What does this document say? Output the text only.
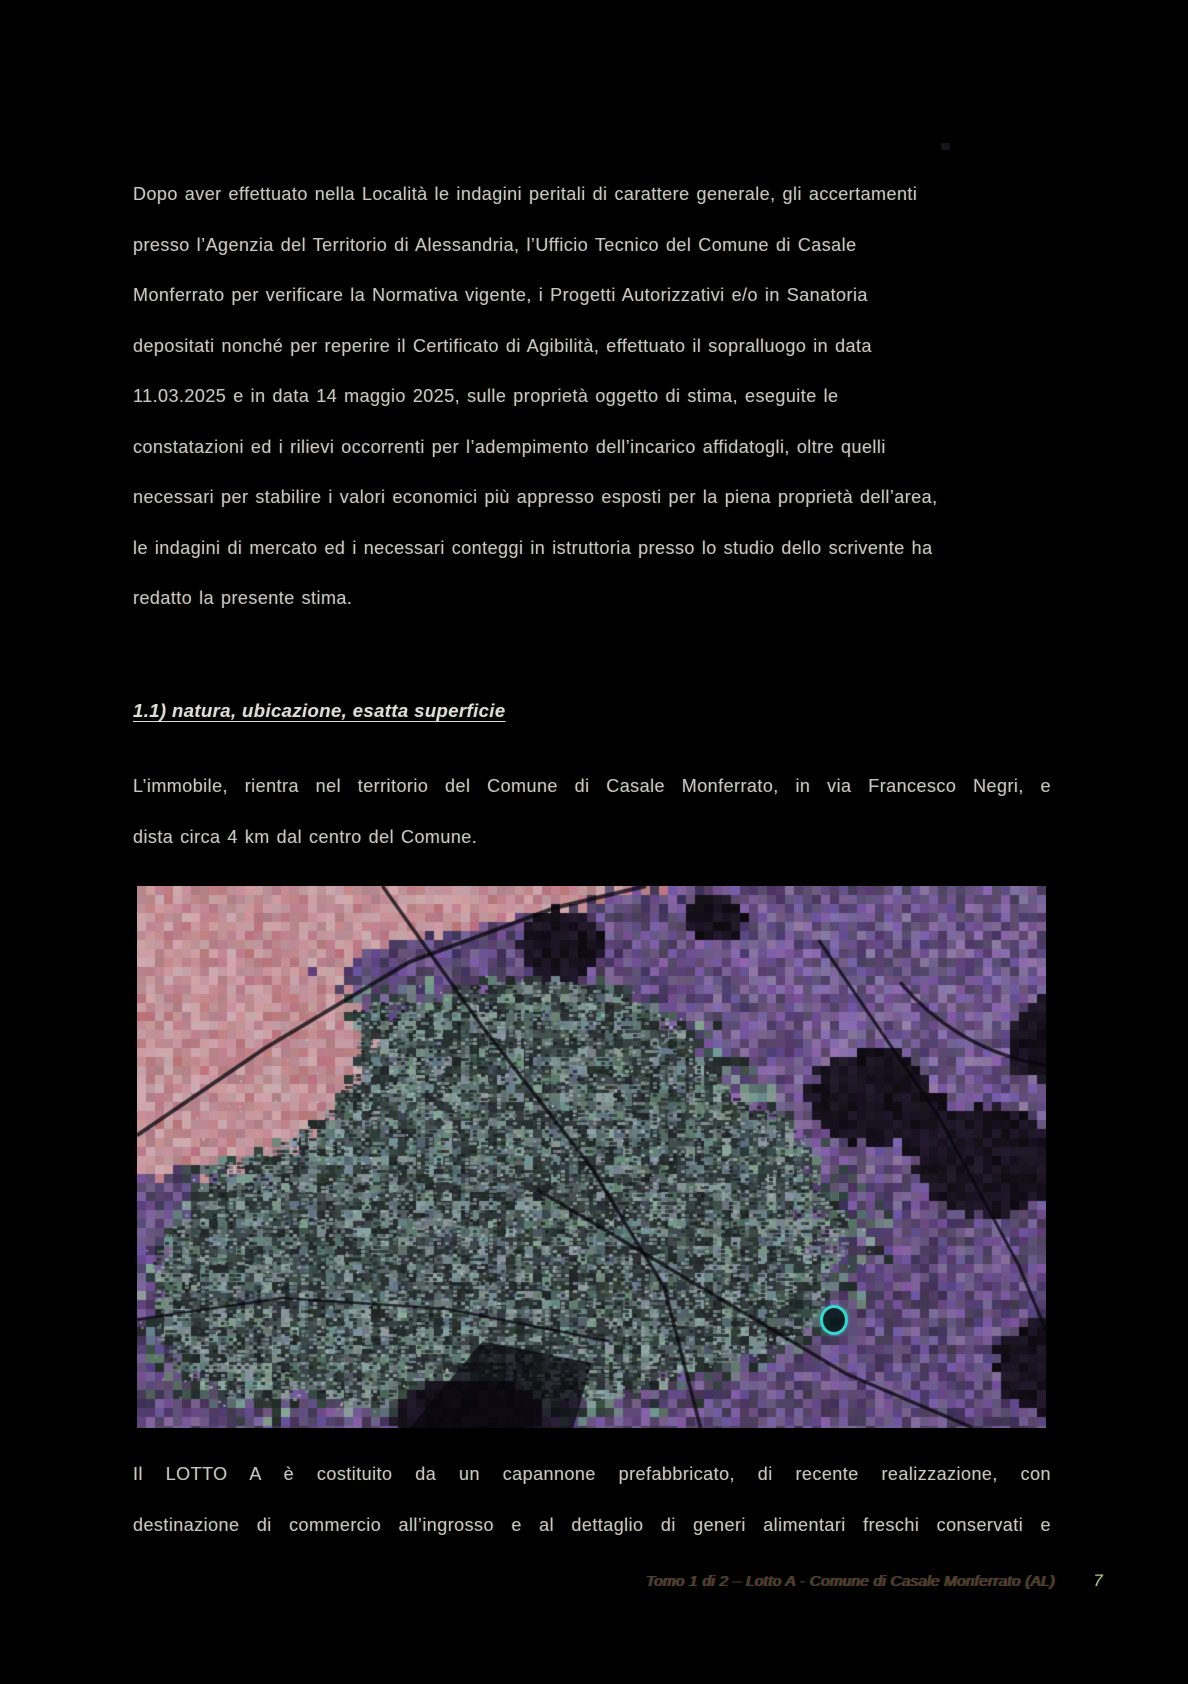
Dopo aver effettuato nella Località le indagini peritali di carattere generale, gli accertamenti
presso l’Agenzia del Territorio di Alessandria, l’Ufficio Tecnico del Comune di Casale
Monferrato per verificare la Normativa vigente, i Progetti Autorizzativi e/o in Sanatoria
depositati nonché per reperire il Certificato di Agibilità, effettuato il sopralluogo in data
11.03.2025 e in data 14 maggio 2025, sulle proprietà oggetto di stima, eseguite le
constatazioni ed i rilievi occorrenti per l’adempimento dell’incarico affidatogli, oltre quelli
necessari per stabilire i valori economici più appresso esposti per la piena proprietà dell’area,
le indagini di mercato ed i necessari conteggi in istruttoria presso lo studio dello scrivente ha
redatto la presente stima.
1.1) natura, ubicazione, esatta superficie
L’immobile, rientra nel territorio del Comune di Casale Monferrato, in via Francesco Negri, e
dista circa 4 km dal centro del Comune.
Il LOTTO A è costituito da un capannone prefabbricato, di recente realizzazione, con
destinazione di commercio all’ingrosso e al dettaglio di generi alimentari freschi conservati e
Tomo 1 di 2 – Lotto A - Comune di Casale Monferrato (AL) 7
